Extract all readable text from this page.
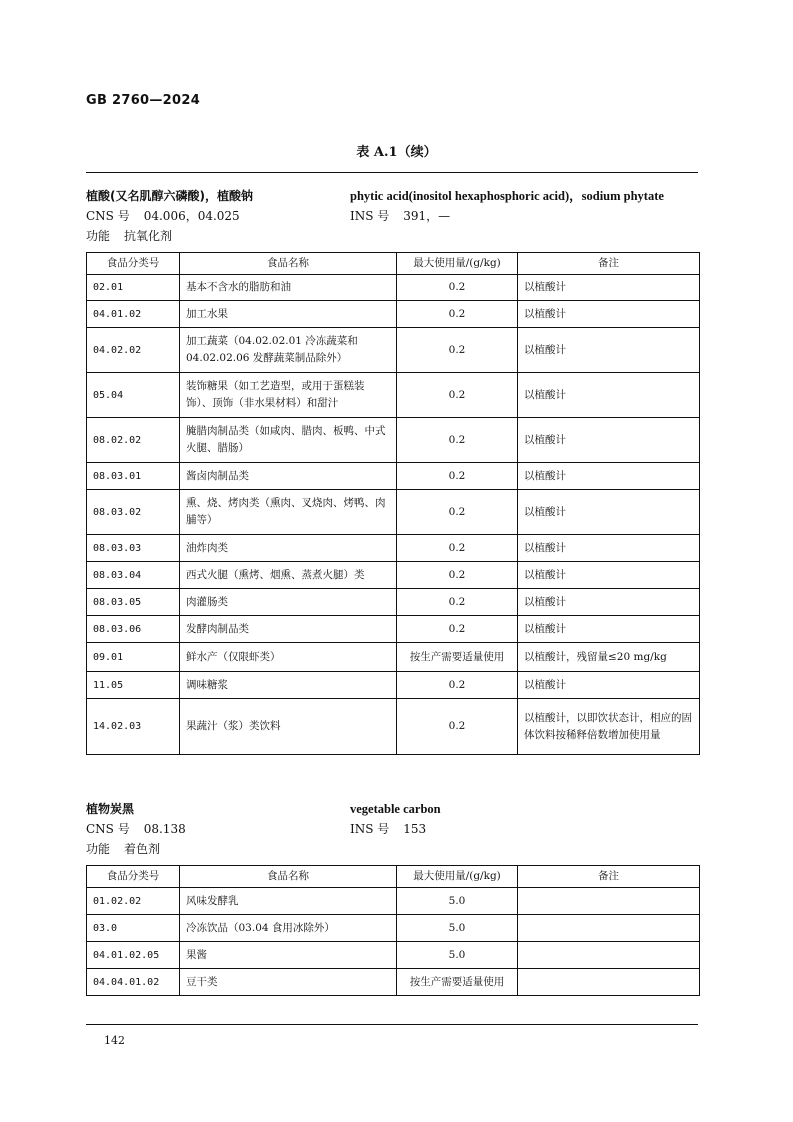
GB 2760—2024
表 A.1（续）
植酸(又名肌醇六磷酸)，植酸钠	phytic acid(inositol hexaphosphoric acid)，sodium phytate
CNS 号 04.006，04.025	INS 号 391，—
功能 抗氧化剂
食品分类号	食品名称	最大使用量/(g/kg)	备注
02.01	基本不含水的脂肪和油	0.2	以植酸计
04.01.02	加工水果	0.2	以植酸计
04.02.02	加工蔬菜（04.02.02.01 冷冻蔬菜和04.02.02.06 发酵蔬菜制品除外）	0.2	以植酸计
05.04	装饰糖果（如工艺造型，或用于蛋糕装饰）、顶饰（非水果材料）和甜汁	0.2	以植酸计
08.02.02	腌腊肉制品类（如咸肉、腊肉、板鸭、中式火腿、腊肠）	0.2	以植酸计
08.03.01	酱卤肉制品类	0.2	以植酸计
08.03.02	熏、烧、烤肉类（熏肉、叉烧肉、烤鸭、肉脯等）	0.2	以植酸计
08.03.03	油炸肉类	0.2	以植酸计
08.03.04	西式火腿（熏烤、烟熏、蒸煮火腿）类	0.2	以植酸计
08.03.05	肉灌肠类	0.2	以植酸计
08.03.06	发酵肉制品类	0.2	以植酸计
09.01	鲜水产（仅限虾类）	按生产需要适量使用	以植酸计，残留量≤20 mg/kg
11.05	调味糖浆	0.2	以植酸计
14.02.03	果蔬汁（浆）类饮料	0.2	以植酸计，以即饮状态计，相应的固体饮料按稀释倍数增加使用量
植物炭黑	vegetable carbon
CNS 号 08.138	INS 号 153
功能 着色剂
食品分类号	食品名称	最大使用量/(g/kg)	备注
01.02.02	风味发酵乳	5.0	
03.0	冷冻饮品（03.04 食用冰除外）	5.0	
04.01.02.05	果酱	5.0	
04.04.01.02	豆干类	按生产需要适量使用	
142
